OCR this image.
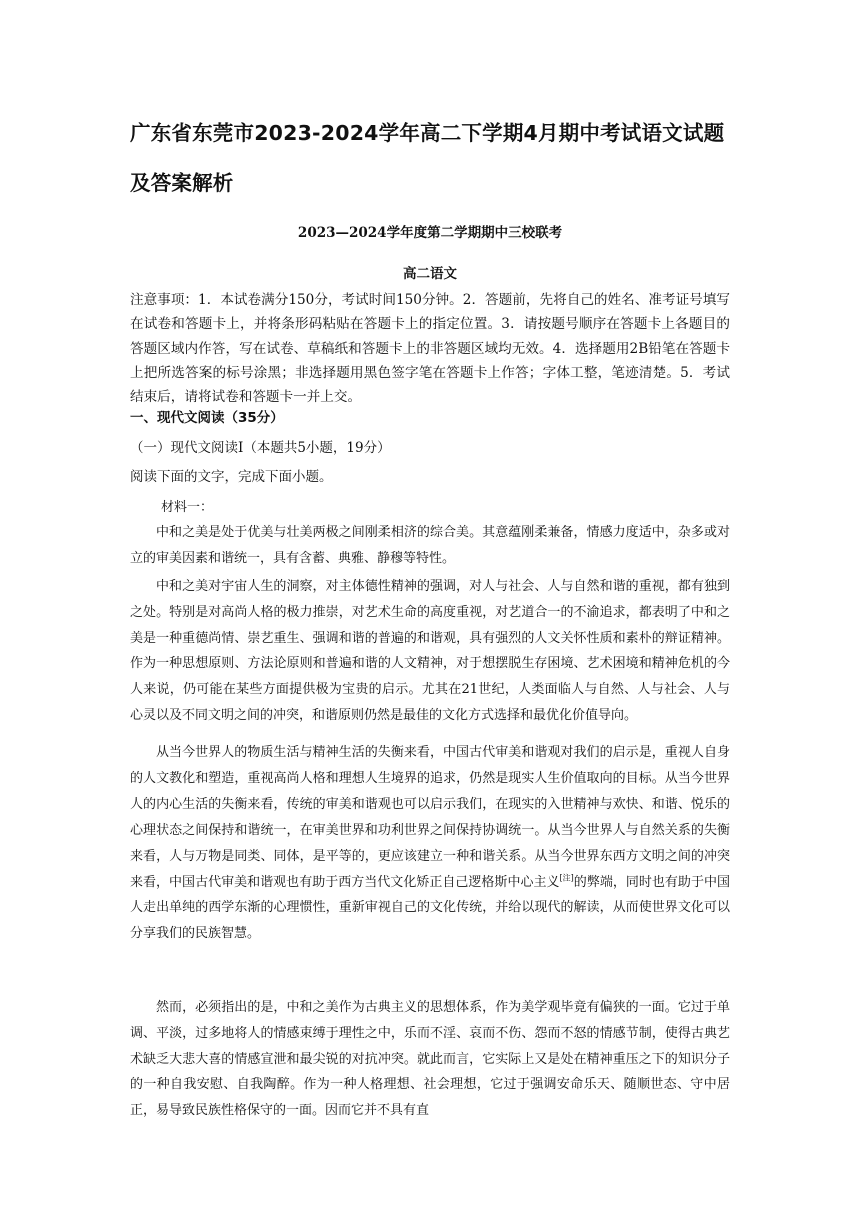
广东省东莞市2023-2024学年高二下学期4月期中考试语文试题及答案解析
2023—2024学年度第二学期期中三校联考
高二语文

注意事项：1．本试卷满分150分，考试时间150分钟。2．答题前，先将自己的姓名、准考证号填写在试卷和答题卡上，并将条形码粘贴在答题卡上的指定位置。3．请按题号顺序在答题卡上各题目的答题区域内作答，写在试卷、草稿纸和答题卡上的非答题区域均无效。4．选择题用2B铅笔在答题卡上把所选答案的标号涂黑；非选择题用黑色签字笔在答题卡上作答；字体工整，笔迹清楚。5．考试结束后，请将试卷和答题卡一并上交。

一、现代文阅读（35分）
（一）现代文阅读Ⅰ（本题共5小题，19分）
阅读下面的文字，完成下面小题。
材料一：

中和之美是处于优美与壮美两极之间刚柔相济的综合美。其意蕴刚柔兼备，情感力度适中，杂多或对立的审美因素和谐统一，具有含蓄、典雅、静穆等特性。

中和之美对宇宙人生的洞察，对主体德性精神的强调，对人与社会、人与自然和谐的重视，都有独到之处。特别是对高尚人格的极力推崇，对艺术生命的高度重视，对艺道合一的不渝追求，都表明了中和之美是一种重德尚情、崇艺重生、强调和谐的普遍的和谐观，具有强烈的人文关怀性质和素朴的辩证精神。作为一种思想原则、方法论原则和普遍和谐的人文精神，对于想摆脱生存困境、艺术困境和精神危机的今人来说，仍可能在某些方面提供极为宝贵的启示。尤其在21世纪，人类面临人与自然、人与社会、人与心灵以及不同文明之间的冲突，和谐原则仍然是最佳的文化方式选择和最优化价值导向。

从当今世界人的物质生活与精神生活的失衡来看，中国古代审美和谐观对我们的启示是，重视人自身的人文教化和塑造，重视高尚人格和理想人生境界的追求，仍然是现实人生价值取向的目标。从当今世界人的内心生活的失衡来看，传统的审美和谐观也可以启示我们，在现实的入世精神与欢快、和谐、悦乐的心理状态之间保持和谐统一，在审美世界和功利世界之间保持协调统一。从当今世界人与自然关系的失衡来看，人与万物是同类、同体，是平等的，更应该建立一种和谐关系。从当今世界东西方文明之间的冲突来看，中国古代审美和谐观也有助于西方当代文化矫正自己逻格斯中心主义[注]的弊端，同时也有助于中国人走出单纯的西学东渐的心理惯性，重新审视自己的文化传统，并给以现代的解读，从而使世界文化可以分享我们的民族智慧。

然而，必须指出的是，中和之美作为古典主义的思想体系，作为美学观毕竟有偏狭的一面。它过于单调、平淡，过多地将人的情感束缚于理性之中，乐而不淫、哀而不伤、怨而不怒的情感节制，使得古典艺术缺乏大悲大喜的情感宣泄和最尖锐的对抗冲突。就此而言，它实际上又是处在精神重压之下的知识分子的一种自我安慰、自我陶醉。作为一种人格理想、社会理想，它过于强调安命乐天、随顺世态、守中居正，易导致民族性格保守的一面。因而它并不具有直
